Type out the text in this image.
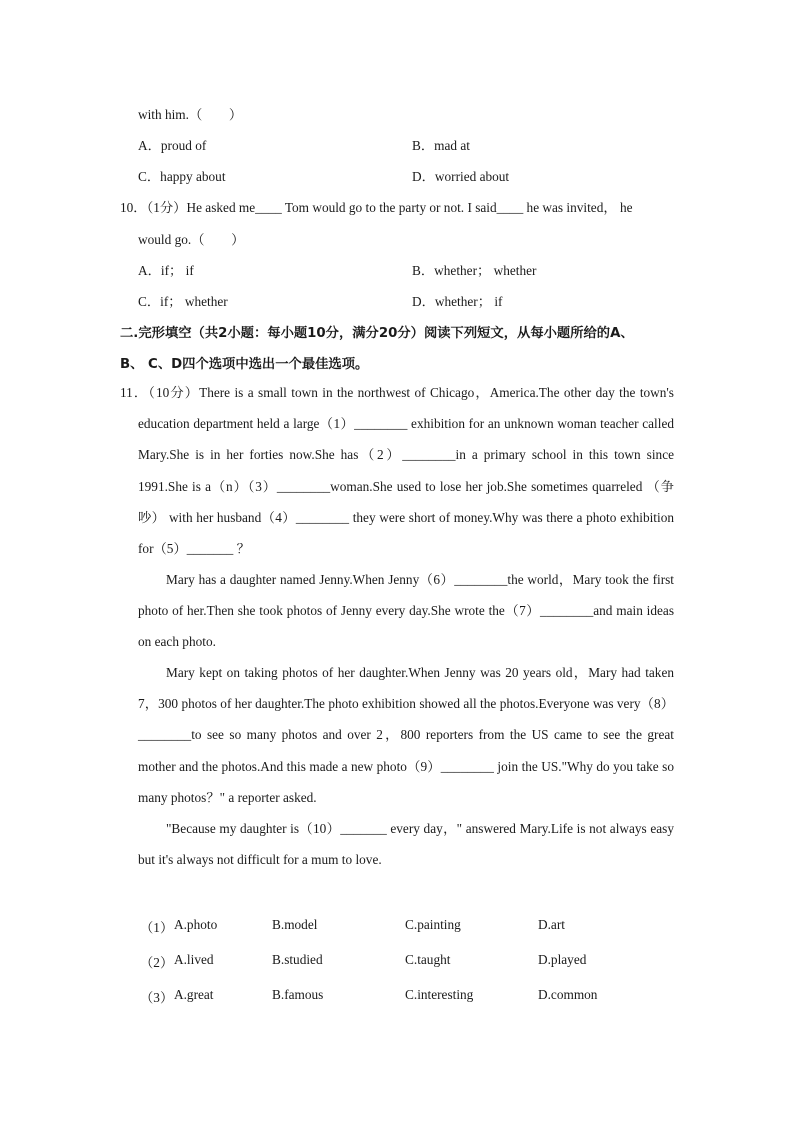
with him.（　　）
A．proud of	B．mad at
C．happy about	D．worried about
10．（1分）He asked me____ Tom would go to the party or not. I said____ he was invited， he
would go.（　　）
A．if； if	B．whether； whether
C．if； whether	D．whether； if
二.完形填空（共2小题：每小题10分，满分20分）阅读下列短文，从每小题所给的A、
B、 C、D四个选项中选出一个最佳选项。
11．（10分）There is a small town in the northwest of Chicago，America.The other day the town's education department held a large（1）________ exhibition for an unknown woman teacher called Mary.She is in her forties now.She has（2）________in a primary school in this town since 1991.She is a（n）（3）________woman.She used to lose her job.She sometimes quarreled （争吵） with her husband（4）________ they were short of money.Why was there a photo exhibition for（5）_______ ？
Mary has a daughter named Jenny.When Jenny（6）________the world，Mary took the first photo of her.Then she took photos of Jenny every day.She wrote the（7）________and main ideas on each photo.
Mary kept on taking photos of her daughter.When Jenny was 20 years old，Mary had taken 7，300 photos of her daughter.The photo exhibition showed all the photos.Everyone was very（8）________to see so many photos and over 2，800 reporters from the US came to see the great mother and the photos.And this made a new photo（9）________ join the US."Why do you take so many photos？" a reporter asked.
"Because my daughter is（10）_______ every day，" answered Mary.Life is not always easy but it's always not difficult for a mum to love.
（1） A.photo	B.model	C.painting	D.art
（2） A.lived	B.studied	C.taught	D.played
（3） A.great	B.famous	C.interesting	D.common
